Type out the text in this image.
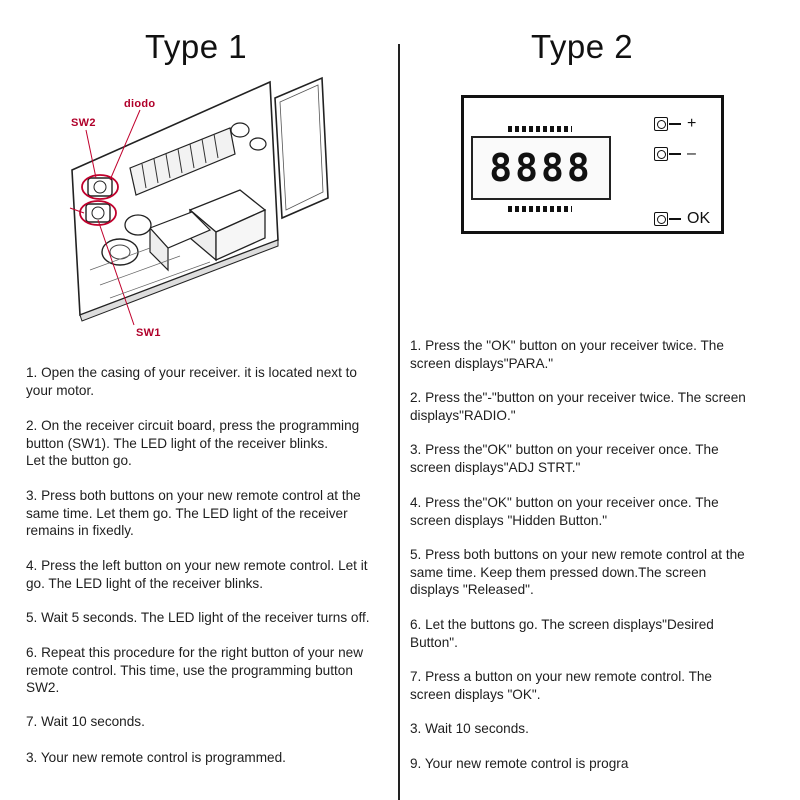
Type 1
diodo
SW2
SW1
1. Open the casing of your receiver. it is located next to
your motor.
2. On the receiver circuit board, press the programming
button (SW1). The LED light of the receiver blinks.
Let the button go.
3. Press both buttons on your new remote control at the
same time. Let them go. The LED light of the receiver
remains in fixedly.
4. Press the left button on your new remote control. Let it
go. The LED light of the receiver blinks.
5. Wait 5 seconds. The LED light of the receiver turns off.
6. Repeat this procedure for the right button of your new
remote control. This time, use the programming button
SW2.
7. Wait 10 seconds.
3. Your new remote control is programmed.
Type 2
8888
+
–
OK
1. Press the "OK" button on your receiver twice. The
screen displays"PARA."
2. Press the"-"button on your receiver twice. The screen
displays"RADIO."
3. Press the"OK" button on your receiver once. The
screen displays"ADJ STRT."
4. Press the"OK" button on your receiver once. The
screen displays "Hidden Button."
5. Press both buttons on your new remote control at the
same time. Keep them pressed down.The screen
displays "Released".
6. Let the buttons go. The screen displays"Desired
Button".
7. Press a button on your new remote control. The
screen displays "OK".
3. Wait 10 seconds.
9. Your new remote control is progra
